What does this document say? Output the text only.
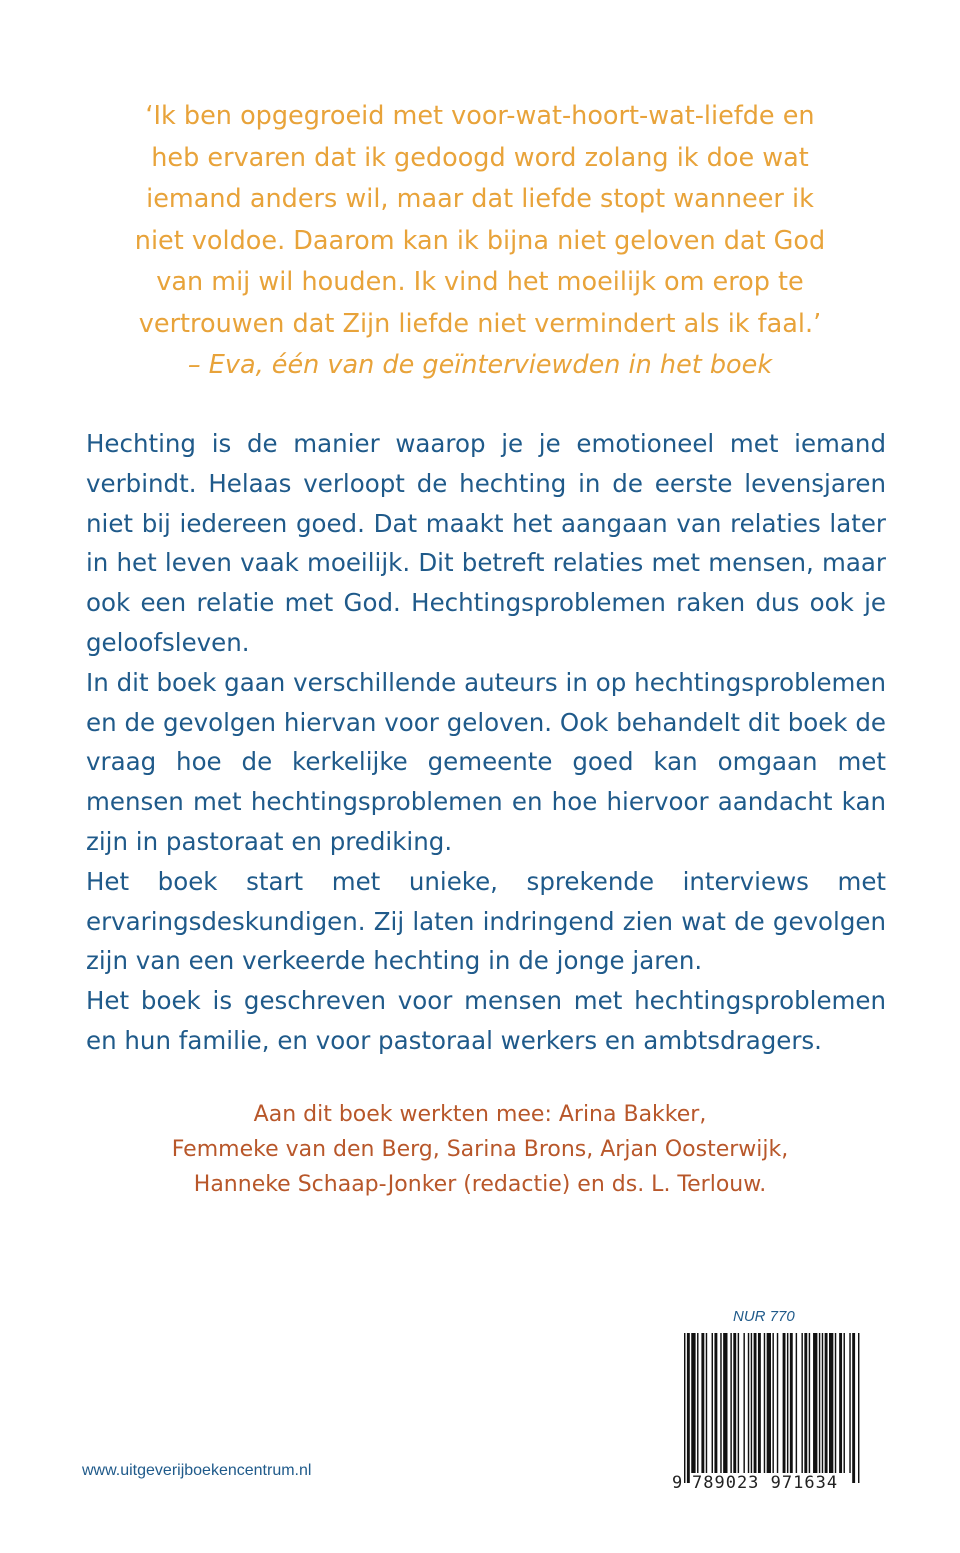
‘Ik ben opgegroeid met voor-wat-hoort-wat-liefde en
heb ervaren dat ik gedoogd word zolang ik doe wat
iemand anders wil, maar dat liefde stopt wanneer ik
niet voldoe. Daarom kan ik bijna niet geloven dat God
van mij wil houden. Ik vind het moeilijk om erop te
vertrouwen dat Zijn liefde niet vermindert als ik faal.’
– Eva, één van de geïnterviewden in het boek

Hechting is de manier waarop je je emotioneel met iemand verbindt. Helaas verloopt de hechting in de eerste levensjaren niet bij iedereen goed. Dat maakt het aangaan van relaties later in het leven vaak moeilijk. Dit betreft relaties met mensen, maar ook een relatie met God. Hechtingsproblemen raken dus ook je geloofsleven.

In dit boek gaan verschillende auteurs in op hechtingsproblemen en de gevolgen hiervan voor geloven. Ook behandelt dit boek de vraag hoe de kerkelijke gemeente goed kan omgaan met mensen met hechtingsproblemen en hoe hiervoor aandacht kan zijn in pastoraat en prediking.

Het boek start met unieke, sprekende interviews met ervaringsdeskundigen. Zij laten indringend zien wat de gevolgen zijn van een verkeerde hechting in de jonge jaren.

Het boek is geschreven voor mensen met hechtingsproblemen en hun familie, en voor pastoraal werkers en ambtsdragers.

Aan dit boek werkten mee: Arina Bakker,
Femmeke van den Berg, Sarina Brons, Arjan Oosterwijk,
Hanneke Schaap-Jonker (redactie) en ds. L. Terlouw.
NUR 770
9 789023 971634
www.uitgeverijboekencentrum.nl
